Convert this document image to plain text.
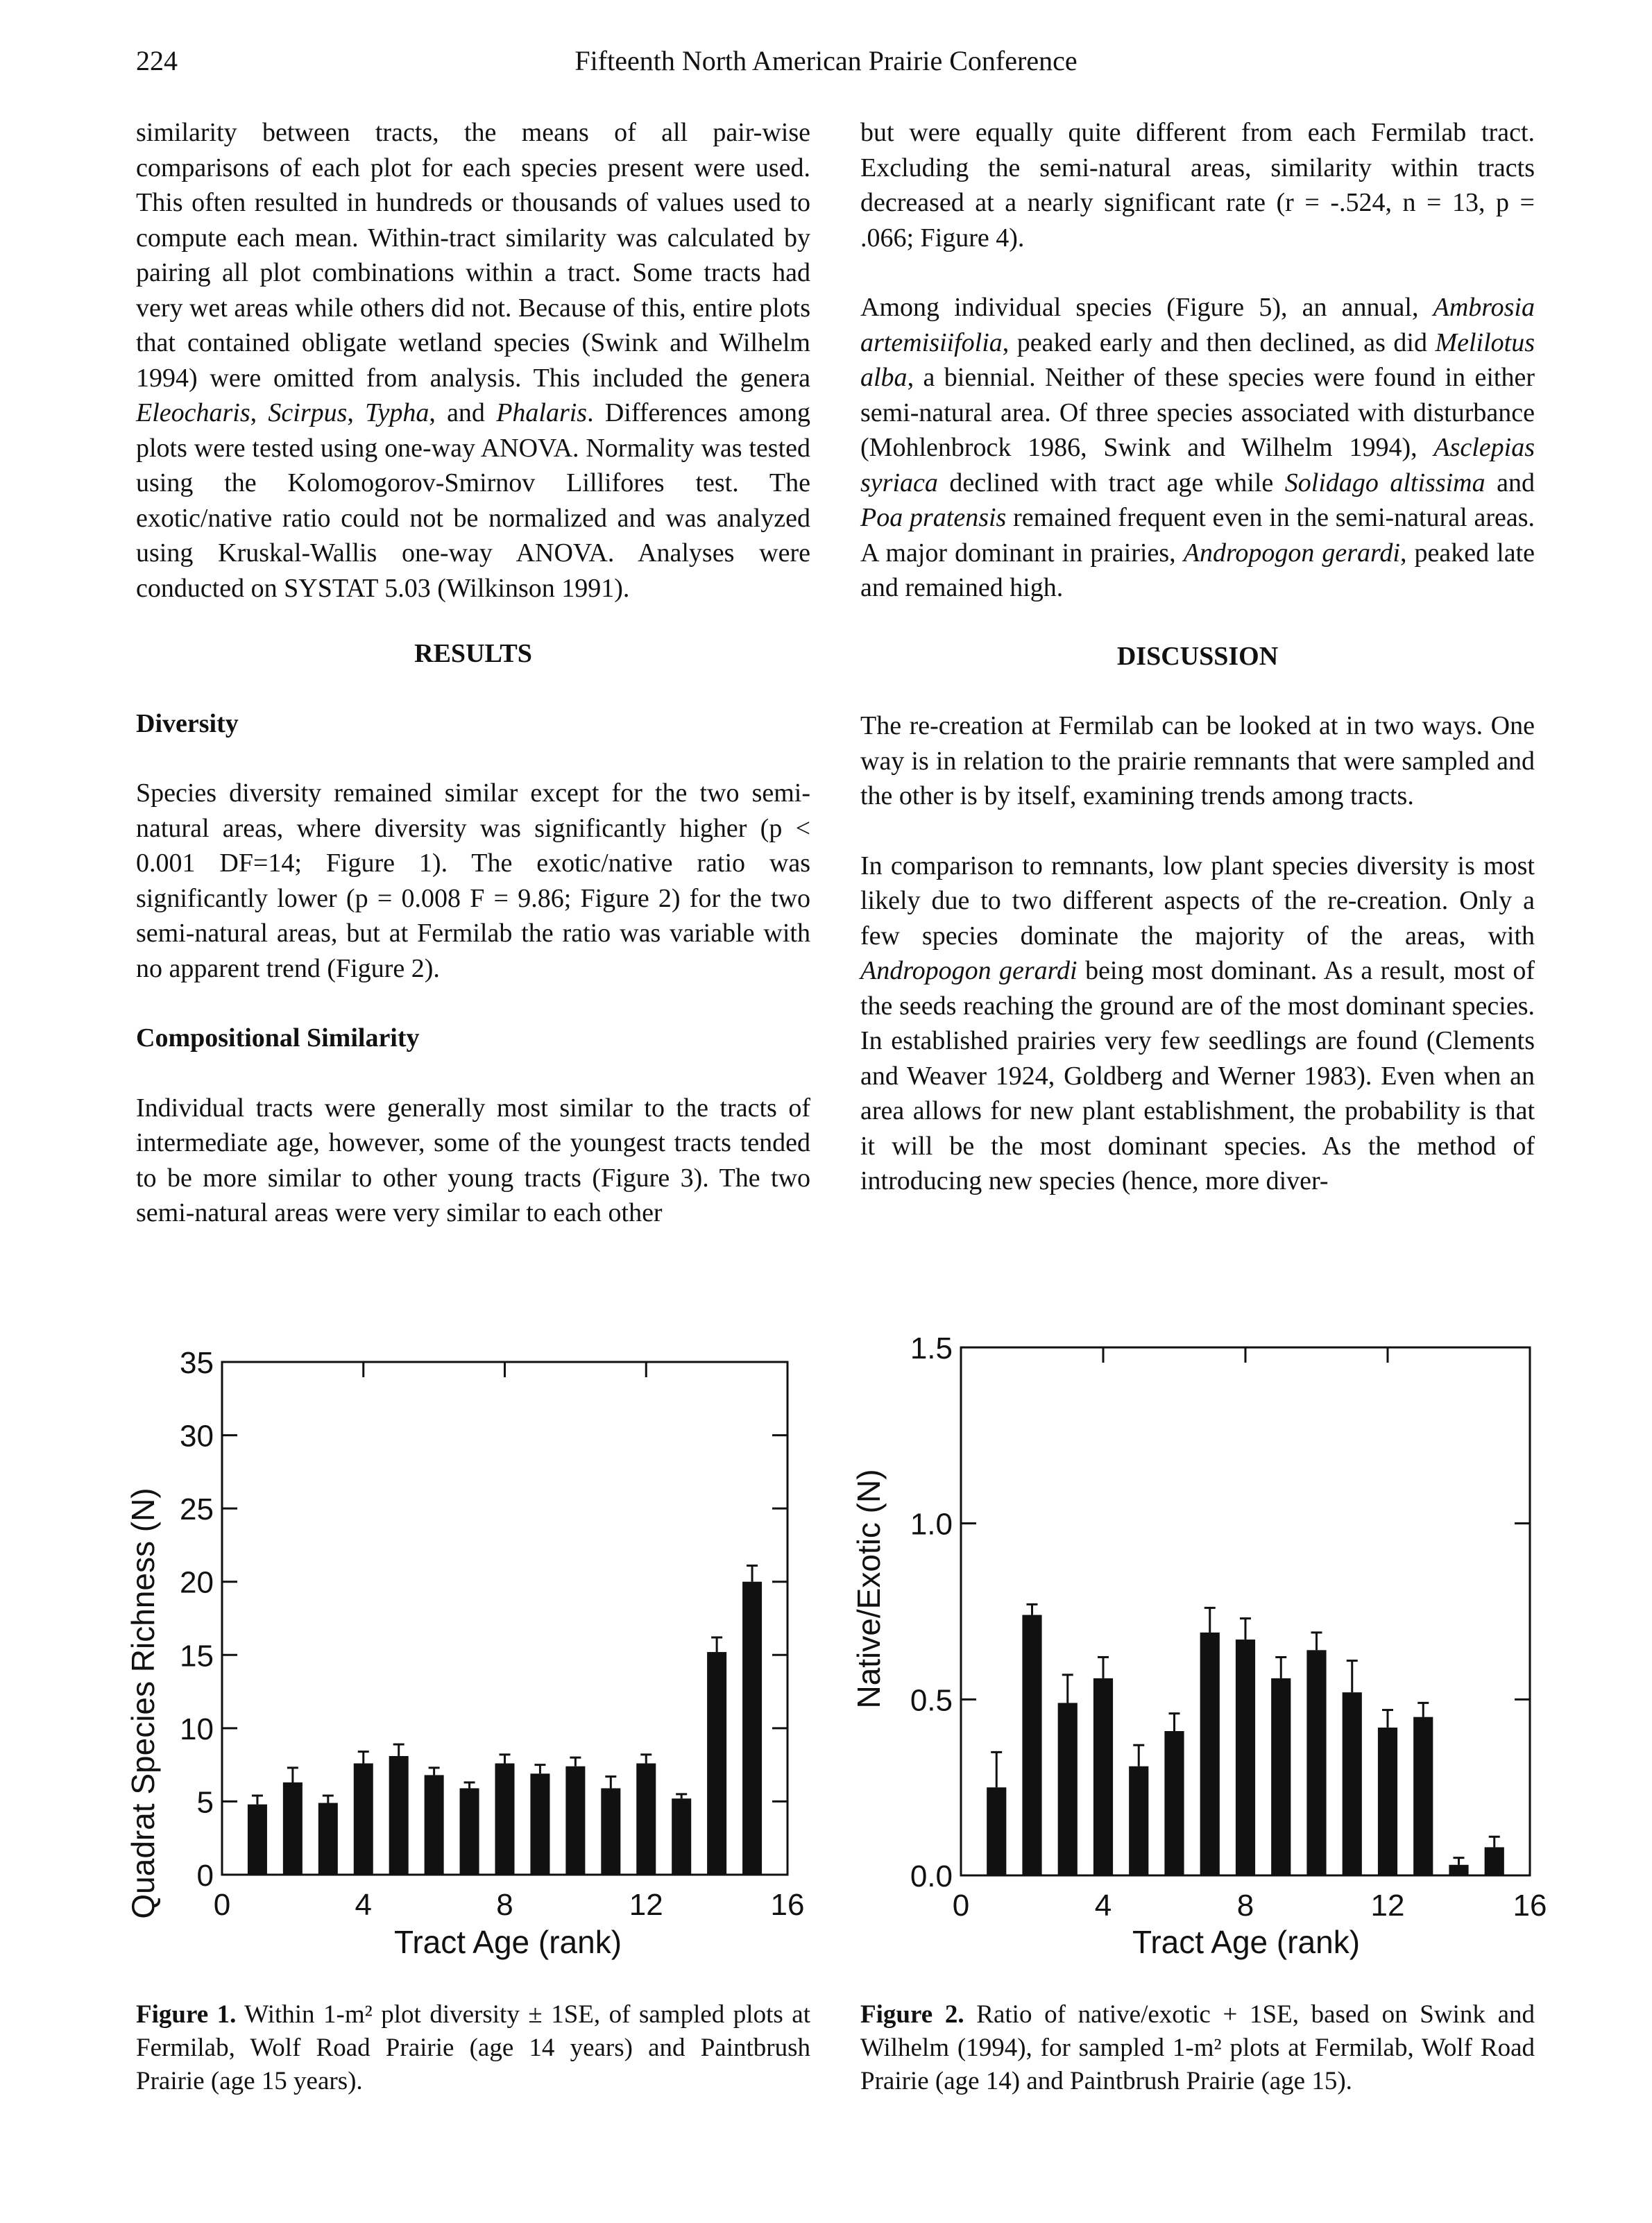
224	Fifteenth North American Prairie Conference

similarity between tracts, the means of all pair-wise comparisons of each plot for each species present were used. This often resulted in hundreds or thousands of values used to compute each mean. Within-tract similarity was calculated by pairing all plot combinations within a tract. Some tracts had very wet areas while others did not. Because of this, entire plots that contained obligate wetland species (Swink and Wilhelm 1994) were omitted from analysis. This included the genera Eleocharis, Scirpus, Typha, and Phalaris. Differences among plots were tested using one-way ANOVA. Normality was tested using the Kolomogorov-Smirnov Lillifores test. The exotic/native ratio could not be normalized and was analyzed using Kruskal-Wallis one-way ANOVA. Analyses were conducted on SYSTAT 5.03 (Wilkinson 1991).

RESULTS

Diversity

Species diversity remained similar except for the two semi-natural areas, where diversity was significantly higher (p < 0.001 DF=14; Figure 1). The exotic/native ratio was significantly lower (p = 0.008 F = 9.86; Figure 2) for the two semi-natural areas, but at Fermilab the ratio was variable with no apparent trend (Figure 2).

Compositional Similarity

Individual tracts were generally most similar to the tracts of intermediate age, however, some of the youngest tracts tended to be more similar to other young tracts (Figure 3). The two semi-natural areas were very similar to each other

but were equally quite different from each Fermilab tract. Excluding the semi-natural areas, similarity within tracts decreased at a nearly significant rate (r = -.524, n = 13, p = .066; Figure 4).

Among individual species (Figure 5), an annual, Ambrosia artemisiifolia, peaked early and then declined, as did Melilotus alba, a biennial. Neither of these species were found in either semi-natural area. Of three species associated with disturbance (Mohlenbrock 1986, Swink and Wilhelm 1994), Asclepias syriaca declined with tract age while Solidago altissima and Poa pratensis remained frequent even in the semi-natural areas. A major dominant in prairies, Andropogon gerardi, peaked late and remained high.

DISCUSSION

The re-creation at Fermilab can be looked at in two ways. One way is in relation to the prairie remnants that were sampled and the other is by itself, examining trends among tracts.

In comparison to remnants, low plant species diversity is most likely due to two different aspects of the re-creation. Only a few species dominate the majority of the areas, with Andropogon gerardi being most dominant. As a result, most of the seeds reaching the ground are of the most dominant species. In established prairies very few seedlings are found (Clements and Weaver 1924, Goldberg and Werner 1983). Even when an area allows for new plant establishment, the probability is that it will be the most dominant species. As the method of introducing new species (hence, more diver-

0
5
10
15
20
25
30
35
0	4	8	12	16
Tract Age (rank)
Quadrat Species Richness (N)	0.0
0.5
1.0
1.5
0	4	8	12	16
Tract Age (rank)
Native/Exotic (N)
Figure 1. Within 1-m² plot diversity ± 1SE, of sampled plots at Fermilab, Wolf Road Prairie (age 14 years) and Paintbrush Prairie (age 15 years).
Figure 2. Ratio of native/exotic + 1SE, based on Swink and Wilhelm (1994), for sampled 1-m² plots at Fermilab, Wolf Road Prairie (age 14) and Paintbrush Prairie (age 15).
